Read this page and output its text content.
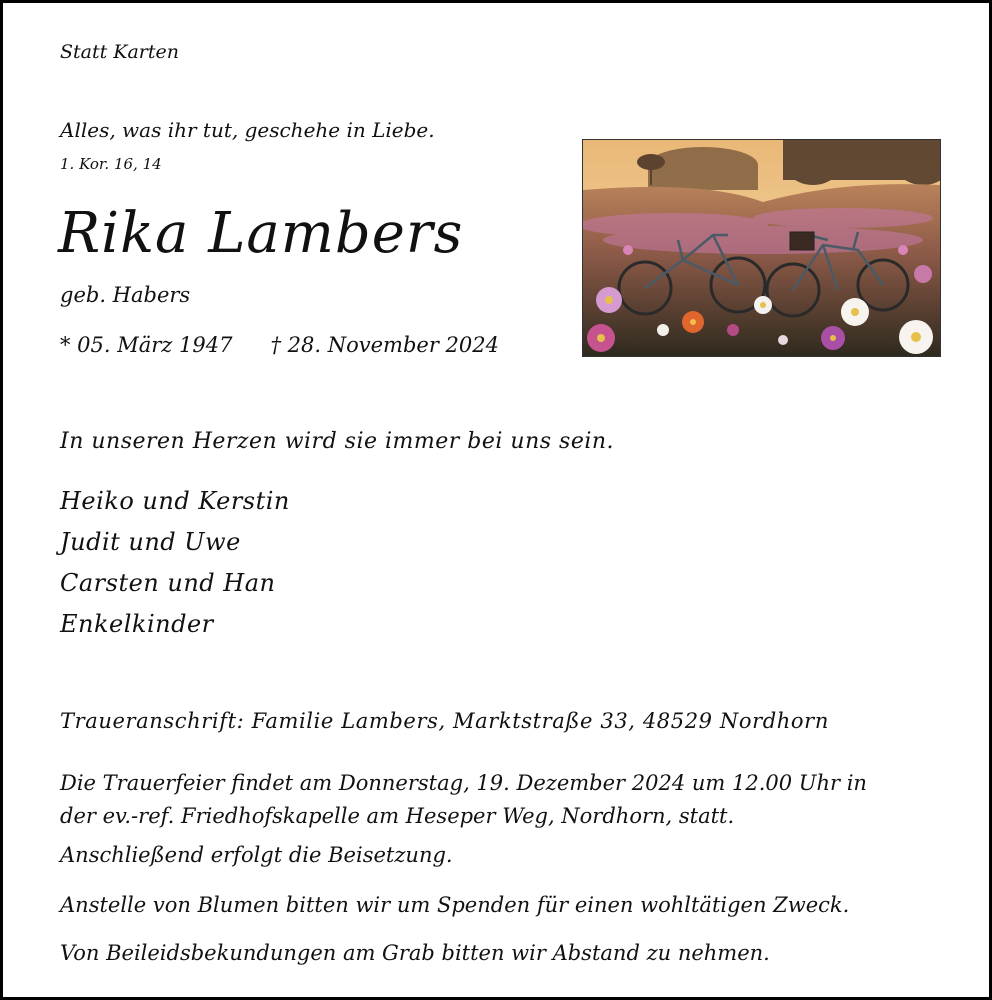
Statt Karten
Alles, was ihr tut, geschehe in Liebe.
1. Kor. 16, 14
Rika Lambers
geb. Habers
* 05. März 1947 † 28. November 2024
In unseren Herzen wird sie immer bei uns sein.
Heiko und Kerstin
Judit und Uwe
Carsten und Han
Enkelkinder
Traueranschrift: Familie Lambers, Marktstraße 33, 48529 Nordhorn
Die Trauerfeier findet am Donnerstag, 19. Dezember 2024 um 12.00 Uhr in
der ev.-ref. Friedhofskapelle am Heseper Weg, Nordhorn, statt.
Anschließend erfolgt die Beisetzung.
Anstelle von Blumen bitten wir um Spenden für einen wohltätigen Zweck.
Von Beileidsbekundungen am Grab bitten wir Abstand zu nehmen.
